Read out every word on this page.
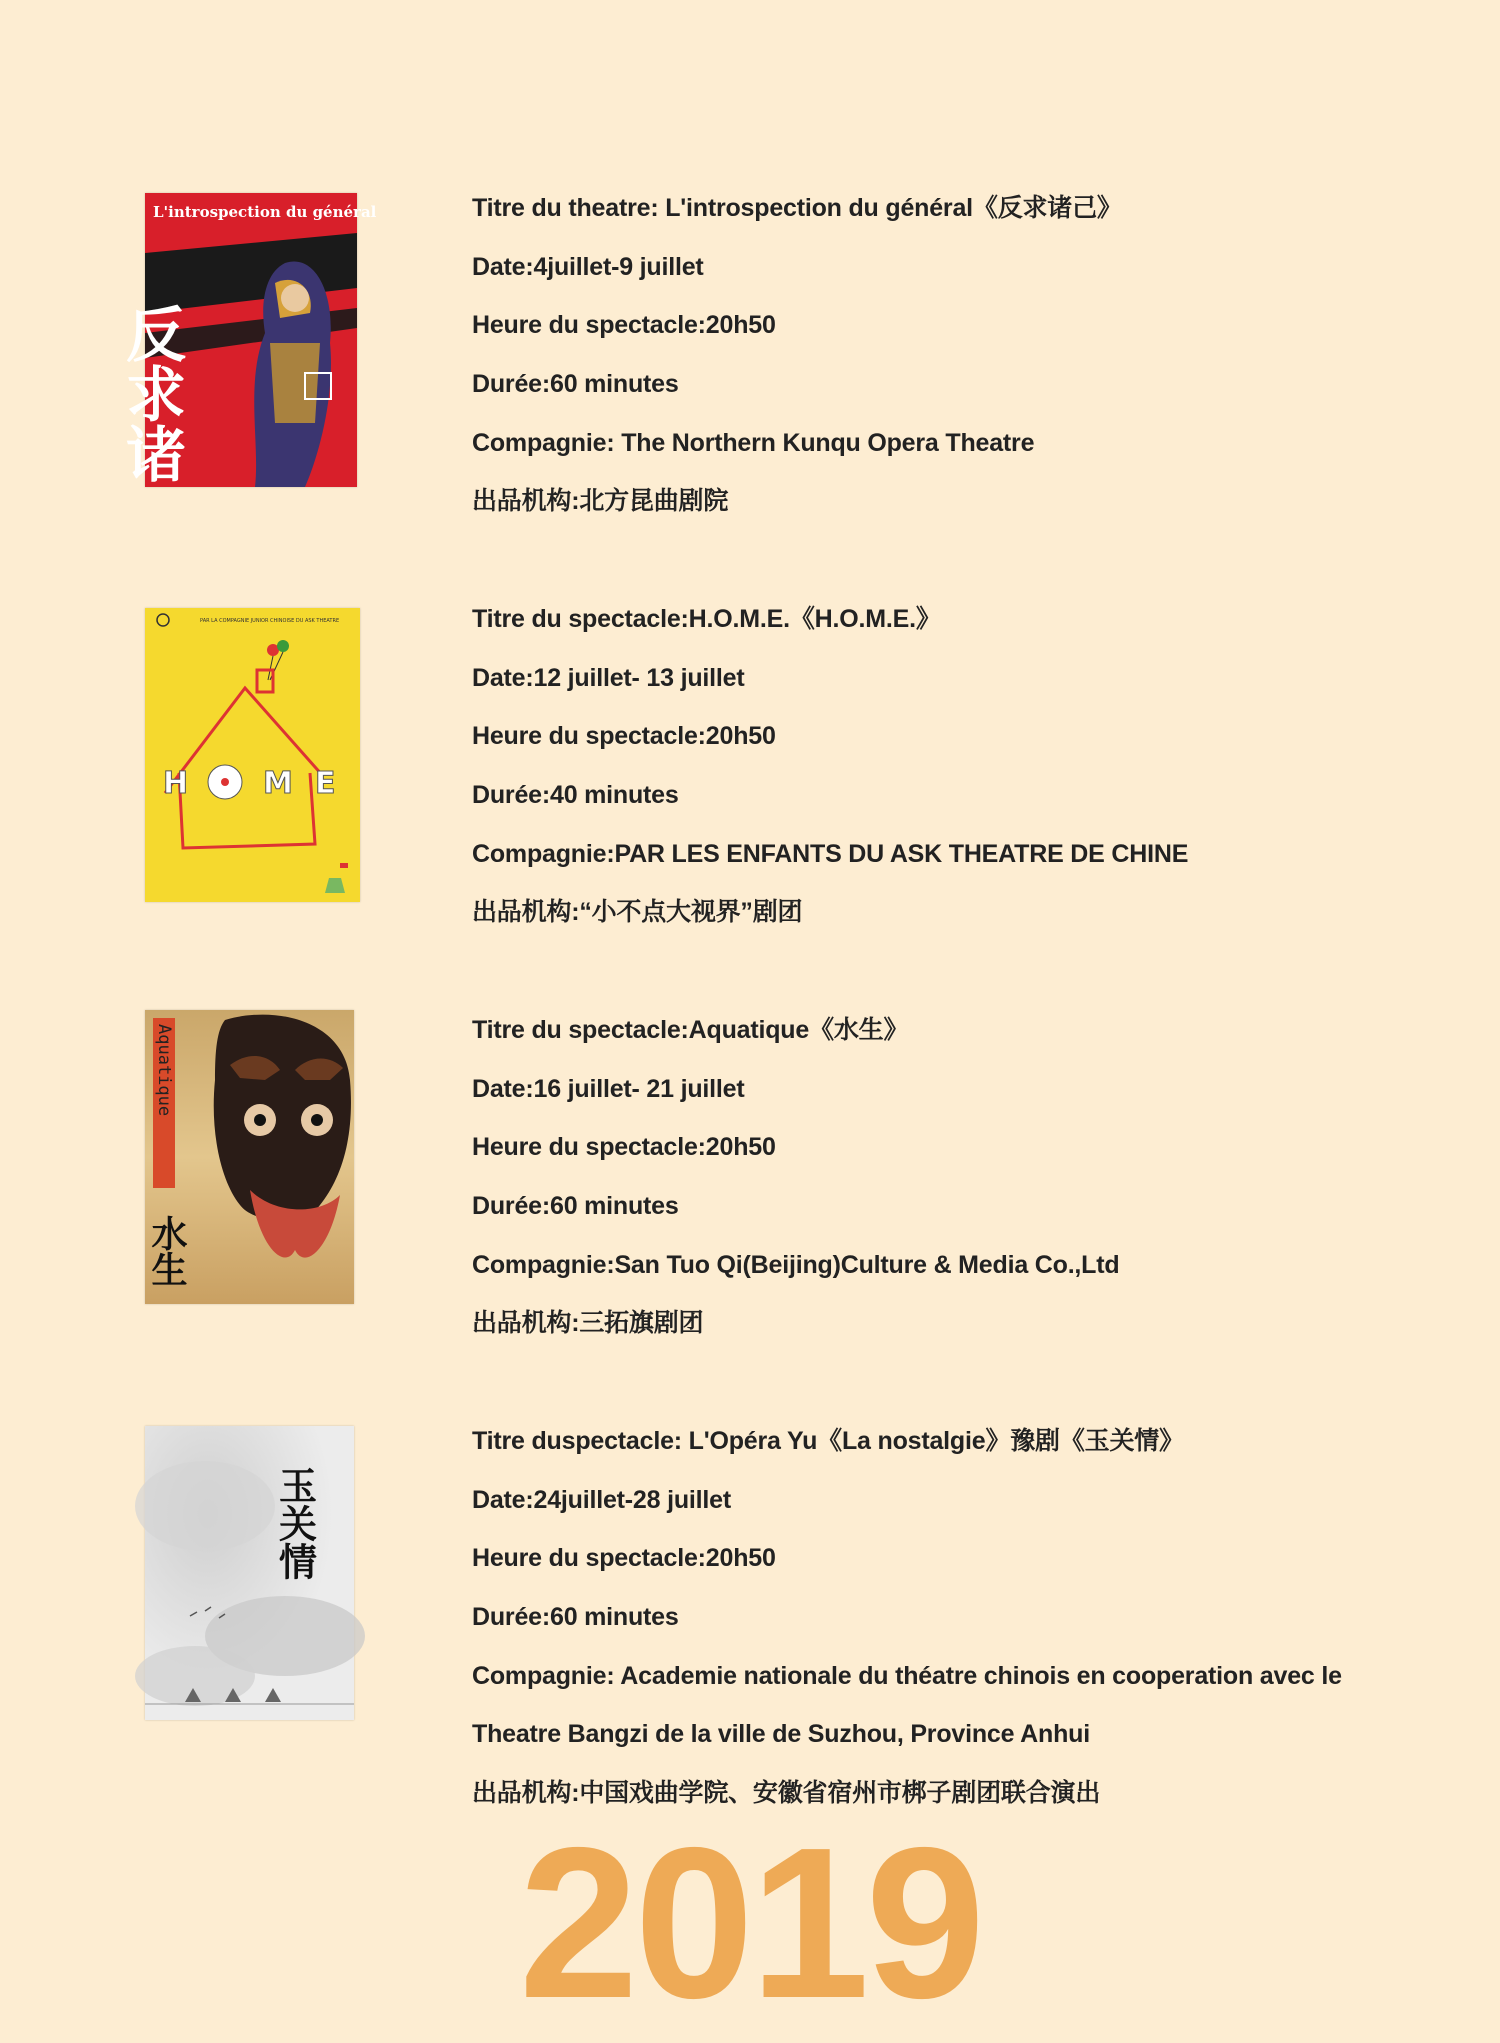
L'introspection du général
反求诸
Titre du theatre: L'introspection du général《反求诸己》
Date:4juillet-9 juillet
Heure du spectacle:20h50
Durée:60 minutes
Compagnie: The Northern Kunqu Opera Theatre
出品机构:北方昆曲剧院
PAR LA COMPAGNIE JUNIOR CHINOISE DU ASK THEATRE
H M E
Titre du spectacle:H.O.M.E.《H.O.M.E.》
Date:12 juillet- 13 juillet
Heure du spectacle:20h50
Durée:40 minutes
Compagnie:PAR LES ENFANTS DU ASK THEATRE DE CHINE
出品机构:“小不点大视界”剧团
Aquatique
水生
Titre du spectacle:Aquatique《水生》
Date:16 juillet- 21 juillet
Heure du spectacle:20h50
Durée:60 minutes
Compagnie:San Tuo Qi(Beijing)Culture & Media Co.,Ltd
出品机构:三拓旗剧团
玉关情
Titre duspectacle: L'Opéra Yu《La nostalgie》豫剧《玉关情》
Date:24juillet-28 juillet
Heure du spectacle:20h50
Durée:60 minutes
Compagnie: Academie nationale du théatre chinois en cooperation avec le
Theatre Bangzi de la ville de Suzhou, Province Anhui
出品机构:中国戏曲学院、安徽省宿州市梆子剧团联合演出
2019
